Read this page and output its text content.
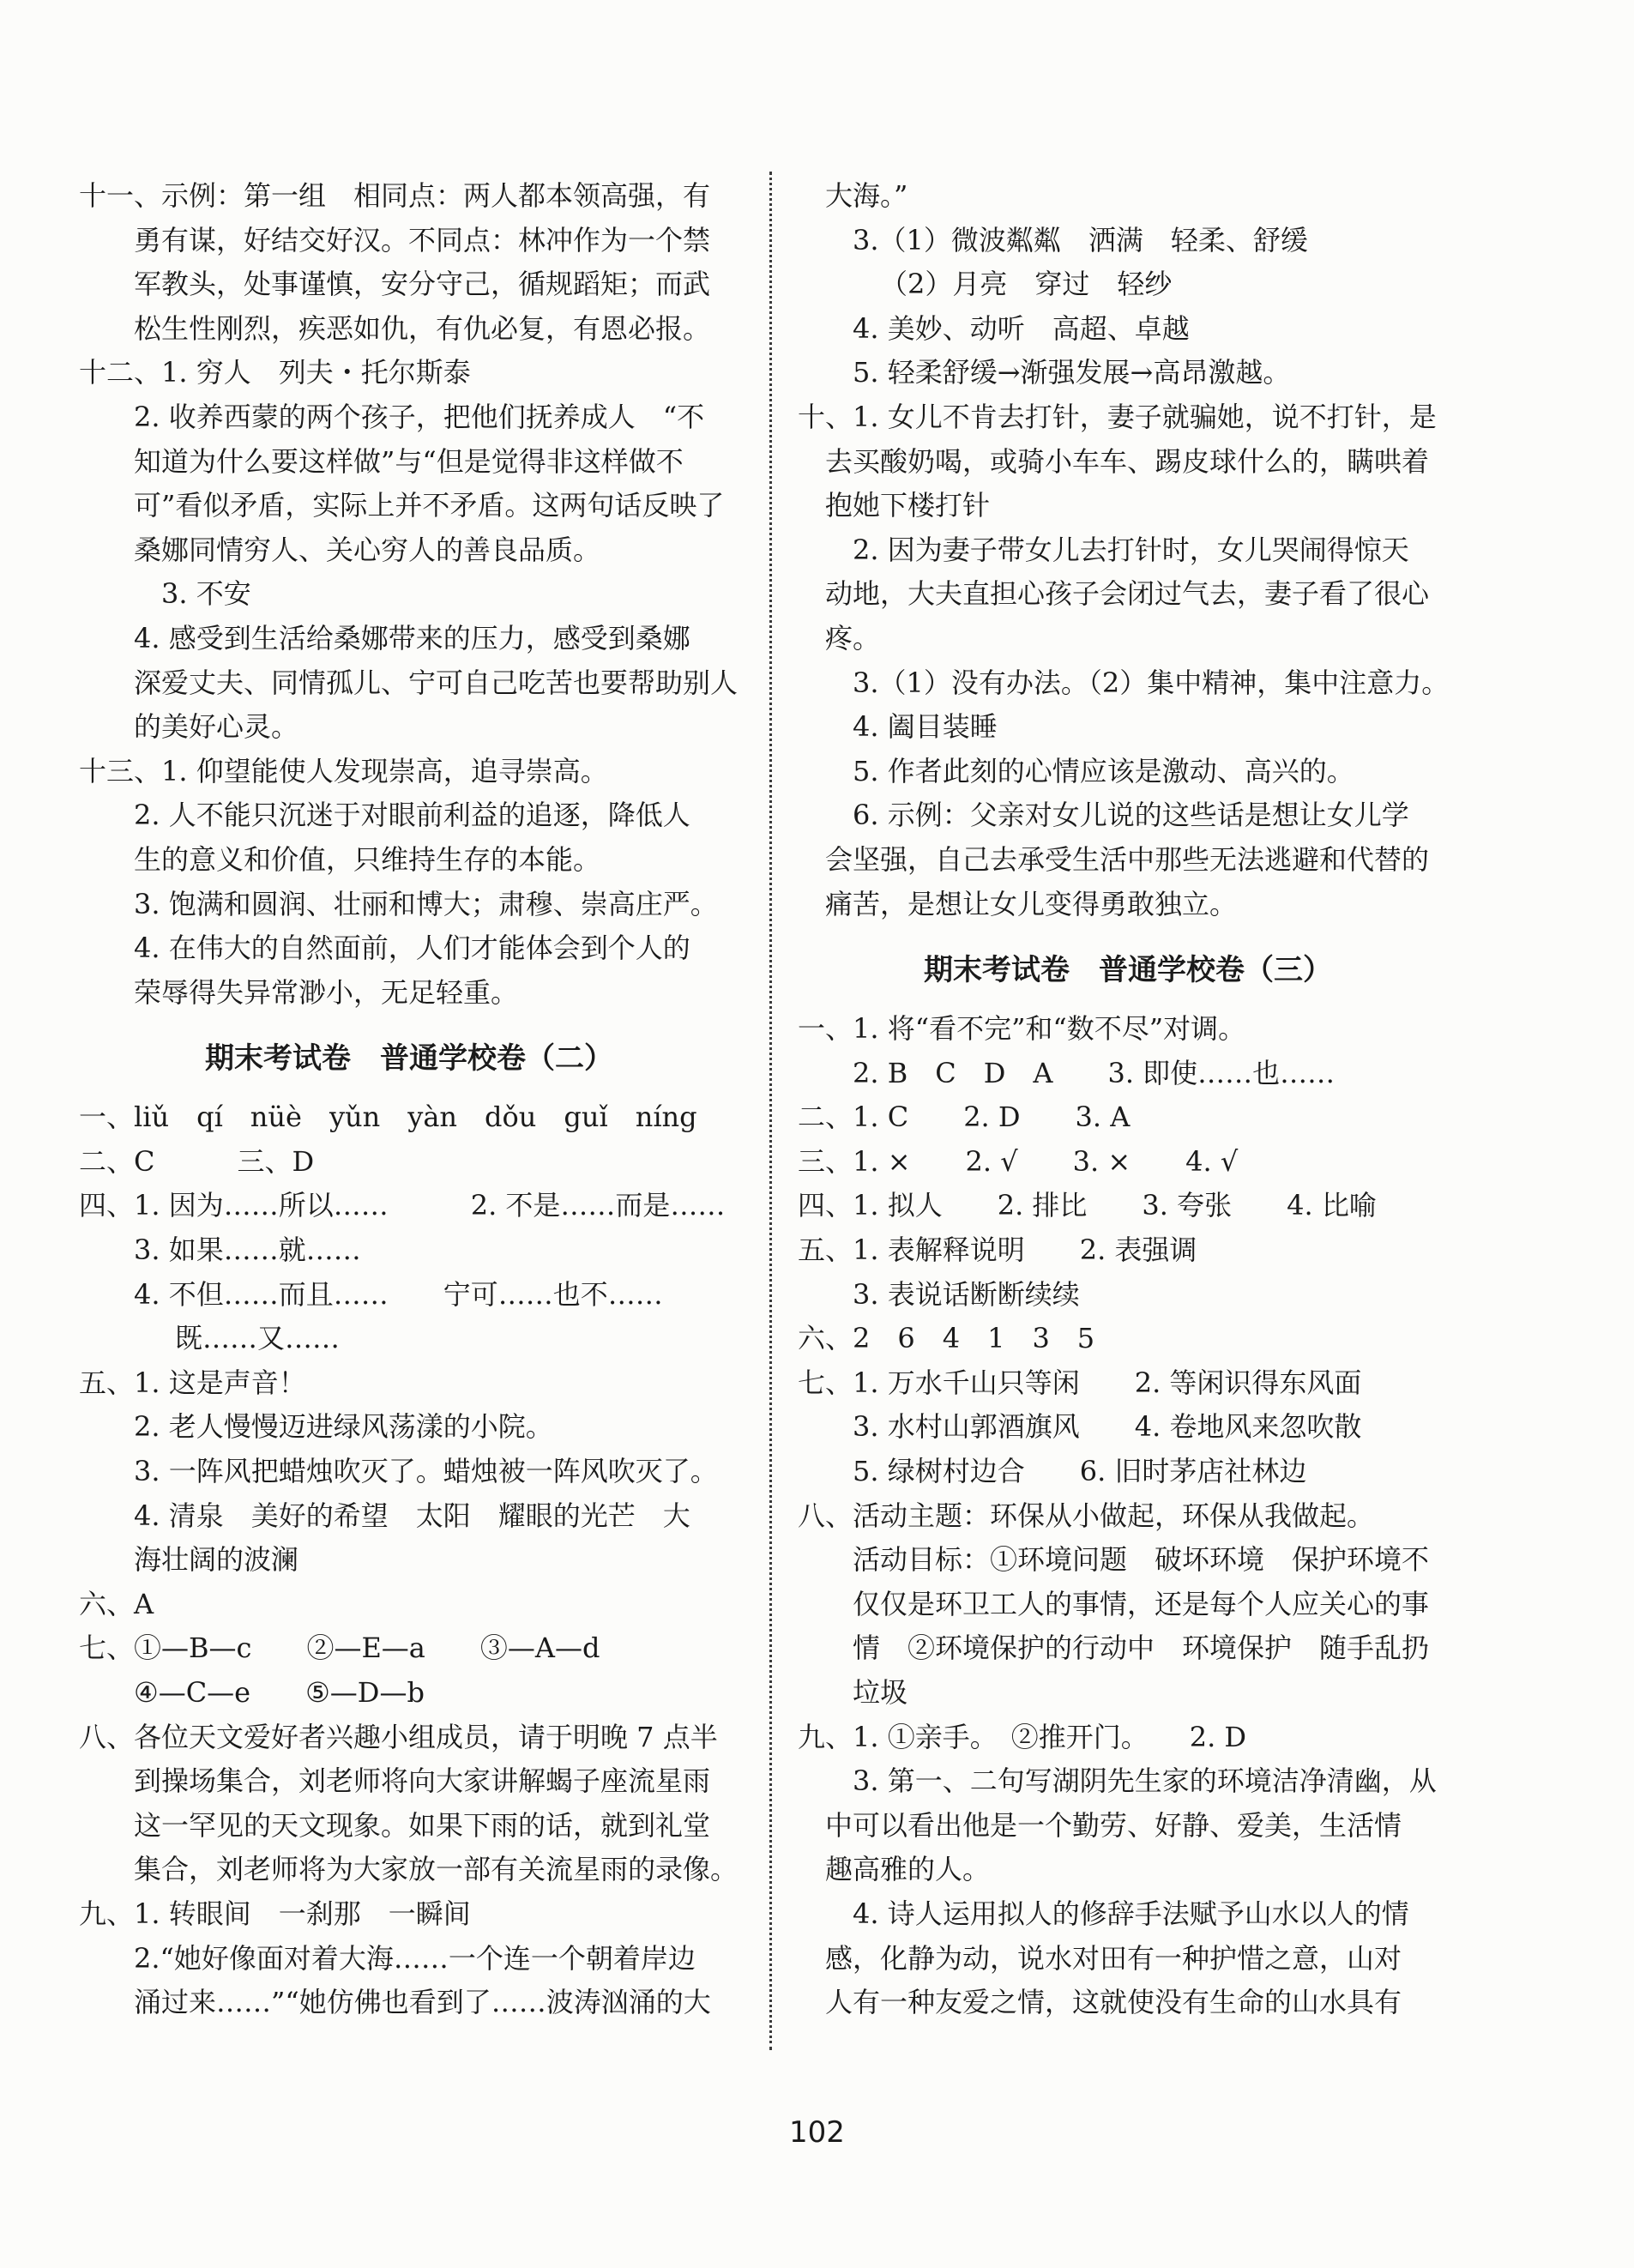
十一、示例：第一组　相同点：两人都本领高强，有
勇有谋，好结交好汉。不同点：林冲作为一个禁
军教头，处事谨慎，安分守己，循规蹈矩；而武
松生性刚烈，疾恶如仇，有仇必复，有恩必报。
十二、1. 穷人　列夫・托尔斯泰
2. 收养西蒙的两个孩子，把他们抚养成人　“不
知道为什么要这样做”与“但是觉得非这样做不
可”看似矛盾，实际上并不矛盾。这两句话反映了
桑娜同情穷人、关心穷人的善良品质。
3. 不安
4. 感受到生活给桑娜带来的压力，感受到桑娜
深爱丈夫、同情孤儿、宁可自己吃苦也要帮助别人
的美好心灵。
十三、1. 仰望能使人发现崇高，追寻崇高。
2. 人不能只沉迷于对眼前利益的追逐，降低人
生的意义和价值，只维持生存的本能。
3. 饱满和圆润、壮丽和博大；肃穆、崇高庄严。
4. 在伟大的自然面前，人们才能体会到个人的
荣辱得失异常渺小，无足轻重。
期末考试卷　普通学校卷（二）
一、liǔ　qí　nüè　yǔn　yàn　dǒu　guǐ　níng
二、C　　　三、D
四、1. 因为……所以……　　　2. 不是……而是……
3. 如果……就……
4. 不但……而且……　　宁可……也不……
既……又……
五、1. 这是声音！
2. 老人慢慢迈进绿风荡漾的小院。
3. 一阵风把蜡烛吹灭了。蜡烛被一阵风吹灭了。
4. 清泉　美好的希望　太阳　耀眼的光芒　大
海壮阔的波澜
六、A
七、①—B—c　　②—E—a　　③—A—d
④—C—e　　⑤—D—b
八、各位天文爱好者兴趣小组成员，请于明晚 7 点半
到操场集合，刘老师将向大家讲解蝎子座流星雨
这一罕见的天文现象。如果下雨的话，就到礼堂
集合，刘老师将为大家放一部有关流星雨的录像。
九、1. 转眼间　一刹那　一瞬间
2.“她好像面对着大海……一个连一个朝着岸边
涌过来……”“她仿佛也看到了……波涛汹涌的大
大海。”
3.（1）微波粼粼　洒满　轻柔、舒缓
（2）月亮　穿过　轻纱
4. 美妙、动听　高超、卓越
5. 轻柔舒缓→渐强发展→高昂激越。
十、1. 女儿不肯去打针，妻子就骗她，说不打针，是
去买酸奶喝，或骑小车车、踢皮球什么的，瞒哄着
抱她下楼打针
2. 因为妻子带女儿去打针时，女儿哭闹得惊天
动地，大夫直担心孩子会闭过气去，妻子看了很心
疼。
3.（1）没有办法。（2）集中精神，集中注意力。
4. 阖目装睡
5. 作者此刻的心情应该是激动、高兴的。
6. 示例：父亲对女儿说的这些话是想让女儿学
会坚强，自己去承受生活中那些无法逃避和代替的
痛苦，是想让女儿变得勇敢独立。
期末考试卷　普通学校卷（三）
一、1. 将“看不完”和“数不尽”对调。
2. B　C　D　A　　3. 即使……也……
二、1. C　　2. D　　3. A
三、1. ×　　2. √　　3. ×　　4. √
四、1. 拟人　　2. 排比　　3. 夸张　　4. 比喻
五、1. 表解释说明　　2. 表强调
3. 表说话断断续续
六、2　6　4　1　3　5
七、1. 万水千山只等闲　　2. 等闲识得东风面
3. 水村山郭酒旗风　　4. 卷地风来忽吹散
5. 绿树村边合　　6. 旧时茅店社林边
八、活动主题：环保从小做起，环保从我做起。
活动目标：①环境问题　破坏环境　保护环境不
仅仅是环卫工人的事情，还是每个人应关心的事
情　②环境保护的行动中　环境保护　随手乱扔
垃圾
九、1. ①亲手。　②推开门。　　2. D
3. 第一、二句写湖阴先生家的环境洁净清幽，从
中可以看出他是一个勤劳、好静、爱美，生活情
趣高雅的人。
4. 诗人运用拟人的修辞手法赋予山水以人的情
感，化静为动，说水对田有一种护惜之意，山对
人有一种友爱之情，这就使没有生命的山水具有
102
